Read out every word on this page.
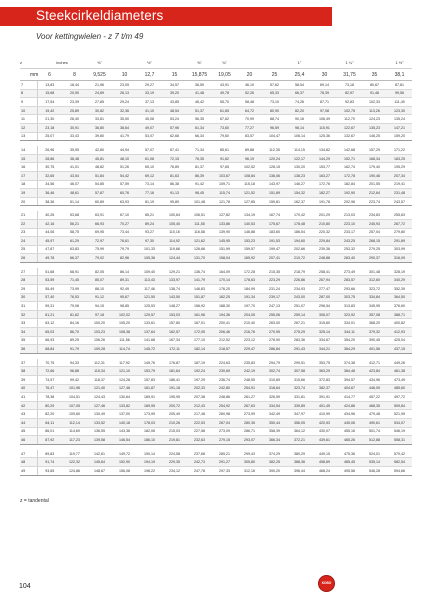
Steekcirkeldiameters
Voor kettingwielen - z 7 t/m 49
z	inches		⅜"		½"		⅝"	¾"			1"		1 ¼"		1 ½"
mm	6	8	9,525	10	12,7	15	15,875	19,05	20	25	25,4	30	31,75	35	38,1
7	13,83	18,44	21,96	23,05	29,27	34,57	36,59	43,91	46,10	57,62	58,54	69,14	73,18	80,67	87,81
8	15,68	20,90	24,89	26,13	33,19	39,20	41,48	49,78	52,26	65,33	66,37	78,39	82,97	91,46	99,56
9	17,54	23,39	27,85	29,24	37,13	43,85	46,42	55,70	58,48	73,10	74,26	87,71	92,83	102,33	111,40
10	19,42	25,89	30,82	32,36	41,10	48,54	51,37	61,65	64,72	80,90	82,20	97,08	102,75	113,26	123,30
11	21,30	28,40	33,81	35,50	45,08	53,24	56,35	67,62	70,99	88,74	90,16	106,49	112,70	124,23	135,24
12	23,18	30,91	36,80	38,64	49,07	57,96	61,34	73,60	77,27	96,59	98,14	115,91	122,67	135,23	147,21
13	25,07	33,43	39,80	41,79	53,07	62,68	66,34	79,60	83,57	104,47	106,14	125,36	132,67	146,25	159,20

14	26,96	35,95	42,80	44,94	57,07	67,41	71,34	85,61	89,88	112,35	114,15	134,82	142,68	157,29	171,22
15	28,86	38,48	45,81	48,10	61,08	72,15	76,35	91,62	96,19	120,24	122,17	144,29	152,71	168,34	183,25
16	30,75	41,01	48,82	51,26	65,10	76,89	81,37	97,65	102,52	128,15	130,20	153,77	162,74	179,40	195,29
17	32,65	43,54	51,84	54,42	69,12	81,63	86,39	103,67	108,84	136,06	138,23	163,27	172,78	190,46	207,34
18	34,56	46,07	54,85	57,59	73,14	86,38	91,42	109,71	115,18	143,97	146,27	172,76	182,84	201,55	219,41
19	36,46	48,61	57,87	60,76	77,16	91,13	96,45	115,74	121,52	151,89	154,32	182,27	192,90	212,64	231,48
20	38,36	51,14	60,89	63,93	81,19	95,89	101,48	121,78	127,85	159,81	162,37	191,78	202,96	223,74	243,57

21	40,26	53,68	63,91	67,10	85,21	100,64	106,51	127,82	134,19	167,74	170,42	201,29	213,03	234,83	255,63
22	42,16	56,21	66,93	70,27	89,24	105,40	111,55	133,86	140,53	175,67	178,48	210,80	223,10	245,93	267,72
23	44,06	58,75	69,95	73,44	93,27	110,16	116,58	139,90	146,88	183,60	186,54	220,32	233,17	257,04	279,80
24	45,97	61,29	72,97	76,61	97,30	114,92	121,62	145,95	153,23	191,53	194,60	229,84	243,25	268,15	291,89
25	47,87	63,83	75,99	79,79	101,33	119,68	126,66	151,99	159,57	199,47	202,66	239,36	253,32	279,25	303,99
26	49,78	66,37	79,02	82,96	105,36	124,44	131,70	158,04	165,92	207,41	210,72	248,88	263,40	290,37	316,09

27	51,68	68,91	82,05	86,14	109,40	129,21	136,74	164,09	172,28	215,35	218,79	258,41	273,49	301,48	328,19
28	53,59	71,45	85,07	89,31	113,43	133,97	141,79	170,14	178,63	223,29	226,86	267,94	283,57	312,60	340,29
29	55,49	73,99	88,10	92,49	117,46	138,74	146,83	176,20	184,99	231,24	234,93	277,47	293,66	323,72	352,39
30	57,40	76,53	91,12	95,67	121,50	143,50	151,87	182,25	191,34	239,17	243,00	287,00	303,75	334,84	364,50
31	59,31	79,08	94,15	98,85	125,53	148,27	156,92	188,30	197,70	247,13	251,07	296,54	313,83	345,95	376,60
32	61,21	81,62	97,18	102,02	129,57	153,03	161,96	194,36	204,05	255,06	259,14	306,07	323,92	357,08	388,71
33	63,12	84,16	100,20	105,20	133,61	157,80	167,01	200,41	210,40	263,00	267,21	315,60	334,01	368,20	400,82
34	65,03	86,70	103,23	108,38	137,64	162,57	172,05	206,46	216,76	270,95	275,29	325,14	344,11	379,32	412,93
35	66,93	89,25	106,26	111,56	141,68	167,34	177,10	212,52	223,12	278,90	283,36	334,67	354,20	390,45	425,04
36	68,84	91,79	109,28	114,74	145,72	172,11	182,14	218,57	229,47	286,84	291,43	344,21	364,29	401,56	437,15

37	70,75	94,33	112,31	117,92	149,76	176,87	187,19	224,63	235,83	294,79	299,51	353,75	374,38	412,71	449,26
38	72,66	96,88	115,34	121,10	153,79	181,64	192,24	230,69	242,19	302,74	307,58	363,29	384,48	423,84	461,38
39	74,57	99,42	118,37	124,28	157,83	186,41	197,29	236,74	248,55	310,69	315,66	372,83	394,57	434,96	473,49
40	76,47	101,96	121,40	127,46	161,87	191,18	202,33	242,80	254,91	318,64	323,74	382,37	404,67	446,09	485,60
41	78,38	104,51	124,43	130,64	165,91	195,95	207,38	248,86	261,27	326,59	331,81	391,91	414,77	457,22	497,72
42	80,29	107,05	127,46	133,82	169,95	200,72	212,43	254,92	267,63	334,54	339,89	401,45	424,86	468,35	509,84
43	82,20	109,60	130,49	137,00	173,99	205,49	217,48	260,98	273,99	342,49	347,97	410,99	434,96	479,48	521,95
44	84,11	112,14	133,52	140,18	178,03	210,26	222,53	267,04	280,35	350,44	356,05	420,53	445,06	490,61	534,07
45	86,01	114,69	136,55	143,36	182,06	215,03	227,58	273,09	286,71	358,39	364,12	430,07	455,16	501,74	546,19
46	87,92	117,23	139,58	146,54	186,10	219,81	232,63	279,15	293,07	366,34	372,21	439,61	465,26	512,88	558,31

47	89,83	119,77	142,61	149,72	190,14	224,58	237,68	285,21	299,43	374,29	380,29	449,15	475,36	524,01	570,42
48	91,74	122,32	145,64	152,90	194,19	229,35	242,73	291,27	305,80	382,25	388,36	458,69	485,45	535,14	582,54
49	93,65	124,86	148,67	156,08	198,22	234,12	247,78	297,33	312,16	390,20	396,44	468,24	495,56	546,28	594,66
z = tandental
104	KOBO
